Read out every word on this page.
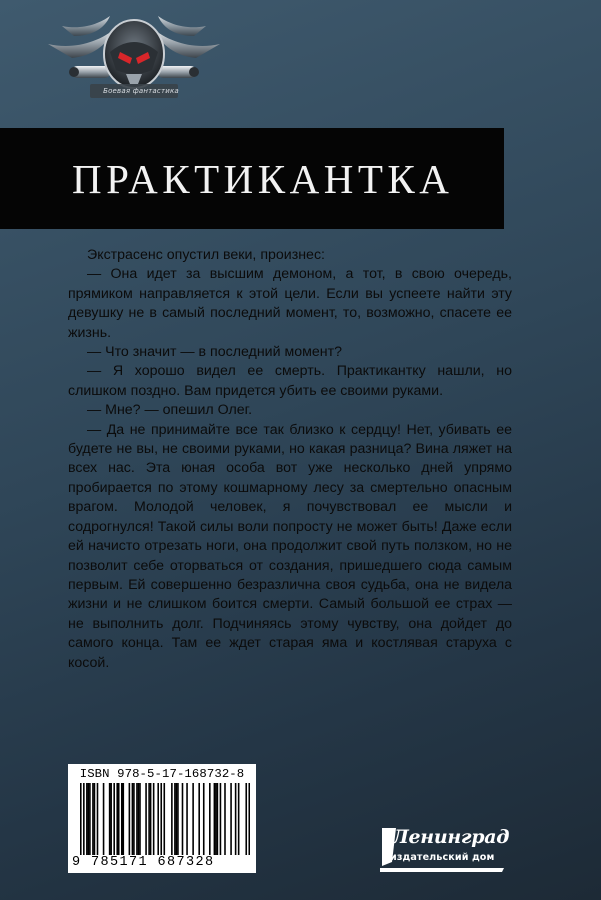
Боевая фантастика
ПРАКТИКАНТКА

Экстрасенс опустил веки, произнес:

— Она идет за высшим демоном, а тот, в свою очередь, прямиком направляется к этой цели. Если вы успеете найти эту девушку не в самый последний момент, то, возможно, спасете ее жизнь.

— Что значит — в последний момент?

— Я хорошо видел ее смерть. Практикантку нашли, но слишком поздно. Вам придется убить ее своими руками.

— Мне? — опешил Олег.

— Да не принимайте все так близко к сердцу! Нет, убивать ее будете не вы, не своими руками, но какая разница? Вина ляжет на всех нас. Эта юная особа вот уже несколько дней упрямо пробирается по этому кошмарному лесу за смертельно опасным врагом. Молодой человек, я почувствовал ее мысли и содрогнулся! Такой силы воли попросту не может быть! Даже если ей начисто отрезать ноги, она продолжит свой путь ползком, но не позволит себе оторваться от создания, пришедшего сюда самым первым. Ей совершенно безразлична своя судьба, она не видела жизни и не слишком боится смерти. Самый большой ее страх — не выполнить долг. Подчиняясь этому чувству, она дойдет до самого конца. Там ее ждет старая яма и костлявая старуха с косой.

ISBN 978-5-17-168732-8
9 785171 687328
Ленинград
издательский дом
